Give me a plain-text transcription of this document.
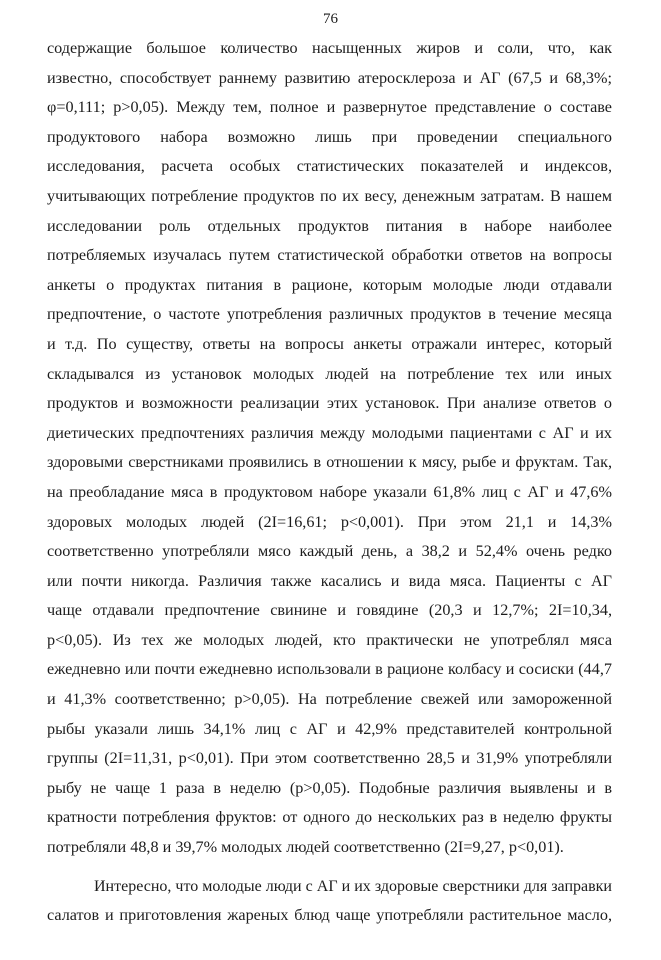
76
содержащие большое количество насыщенных жиров и соли, что, как
известно, способствует раннему развитию атеросклероза и АГ (67,5 и 68,3%;
φ=0,111; p>0,05). Между тем, полное и развернутое представление о составе
продуктового набора возможно лишь при проведении специального
исследования, расчета особых статистических показателей и индексов,
учитывающих потребление продуктов по их весу, денежным затратам. В нашем
исследовании роль отдельных продуктов питания в наборе наиболее
потребляемых изучалась путем статистической обработки ответов на вопросы
анкеты о продуктах питания в рационе, которым молодые люди отдавали
предпочтение, о частоте употребления различных продуктов в течение месяца
и т.д. По существу, ответы на вопросы анкеты отражали интерес, который
складывался из установок молодых людей на потребление тех или иных
продуктов и возможности реализации этих установок. При анализе ответов о
диетических предпочтениях различия между молодыми пациентами с АГ и их
здоровыми сверстниками проявились в отношении к мясу, рыбе и фруктам. Так,
на преобладание мяса в продуктовом наборе указали 61,8% лиц с АГ и 47,6%
здоровых молодых людей (2I=16,61; p<0,001). При этом 21,1 и 14,3%
соответственно употребляли мясо каждый день, а 38,2 и 52,4% очень редко
или почти никогда. Различия также касались и вида мяса. Пациенты с АГ
чаще отдавали предпочтение свинине и говядине (20,3 и 12,7%; 2I=10,34,
p<0,05). Из тех же молодых людей, кто практически не употреблял мяса
ежедневно или почти ежедневно использовали в рационе колбасу и сосиски (44,7
и 41,3% соответственно; p>0,05). На потребление свежей или замороженной
рыбы указали лишь 34,1% лиц с АГ и 42,9% представителей контрольной
группы (2I=11,31, p<0,01). При этом соответственно 28,5 и 31,9% употребляли
рыбу не чаще 1 раза в неделю (p>0,05). Подобные различия выявлены и в
кратности потребления фруктов: от одного до нескольких раз в неделю фрукты
потребляли 48,8 и 39,7% молодых людей соответственно (2I=9,27, p<0,01).
Интересно, что молодые люди с АГ и их здоровые сверстники для заправки
салатов и приготовления жареных блюд чаще употребляли растительное масло,
